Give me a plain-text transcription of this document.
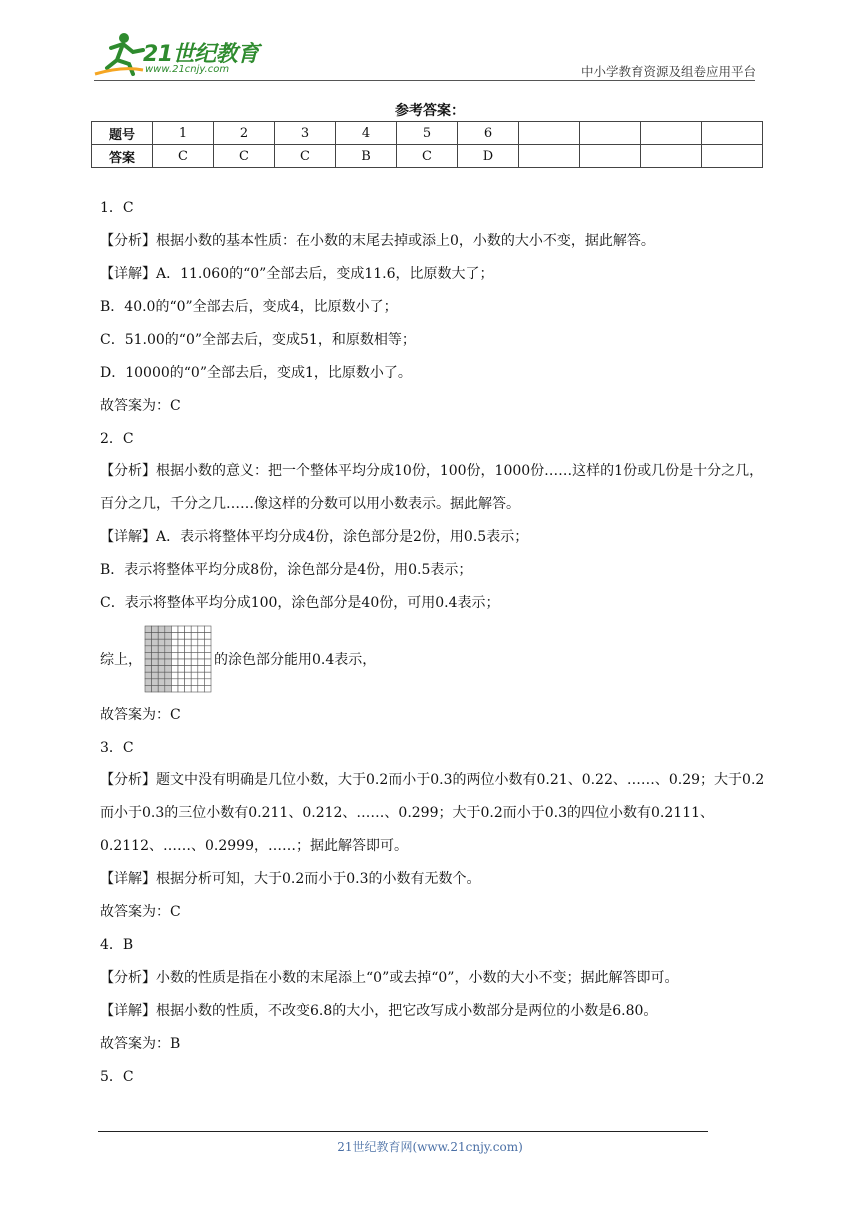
21世纪教育
www.21cnjy.com	中小学教育资源及组卷应用平台
参考答案：
题号	1	2	3	4	5	6				
答案	C	C	C	B	C	D				
1．C
【分析】根据小数的基本性质：在小数的末尾去掉或添上0，小数的大小不变，据此解答。
【详解】A．11.060的“0”全部去后，变成11.6，比原数大了；
B．40.0的“0”全部去后，变成4，比原数小了；
C．51.00的“0”全部去后，变成51，和原数相等；
D．10000的“0”全部去后，变成1，比原数小了。
故答案为：C
2．C
【分析】根据小数的意义：把一个整体平均分成10份，100份，1000份……这样的1份或几份是十分之几，百分之几，千分之几……像这样的分数可以用小数表示。据此解答。
【详解】A．表示将整体平均分成4份，涂色部分是2份，用0.5表示；
B．表示将整体平均分成8份，涂色部分是4份，用0.5表示；
C．表示将整体平均分成100，涂色部分是40份，可用0.4表示；
综上，	的涂色部分能用0.4表示，
故答案为：C
3．C
【分析】题文中没有明确是几位小数，大于0.2而小于0.3的两位小数有0.21、0.22、……、0.29；大于0.2而小于0.3的三位小数有0.211、0.212、……、0.299；大于0.2而小于0.3的四位小数有0.2111、0.2112、……、0.2999，……；据此解答即可。
【详解】根据分析可知，大于0.2而小于0.3的小数有无数个。
故答案为：C
4．B
【分析】小数的性质是指在小数的末尾添上“0”或去掉“0”，小数的大小不变；据此解答即可。
【详解】根据小数的性质，不改变6.8的大小，把它改写成小数部分是两位的小数是6.80。
故答案为：B
5．C
21世纪教育网(www.21cnjy.com)
